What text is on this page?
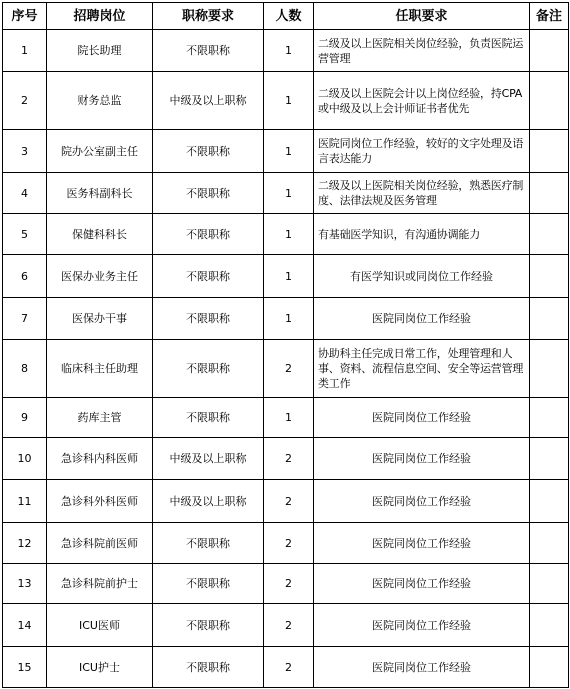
序号	招聘岗位	职称要求	人数	任职要求	备注
1	院长助理	不限职称	1	二级及以上医院相关岗位经验，负责医院运营管理	
2	财务总监	中级及以上职称	1	二级及以上医院会计以上岗位经验，持CPA或中级及以上会计师证书者优先	
3	院办公室副主任	不限职称	1	医院同岗位工作经验，较好的文字处理及语言表达能力	
4	医务科副科长	不限职称	1	二级及以上医院相关岗位经验，熟悉医疗制度、法律法规及医务管理	
5	保健科科长	不限职称	1	有基础医学知识，有沟通协调能力	
6	医保办业务主任	不限职称	1	有医学知识或同岗位工作经验	
7	医保办干事	不限职称	1	医院同岗位工作经验	
8	临床科主任助理	不限职称	2	协助科主任完成日常工作，处理管理和人事、资料、流程信息空间、安全等运营管理类工作	
9	药库主管	不限职称	1	医院同岗位工作经验	
10	急诊科内科医师	中级及以上职称	2	医院同岗位工作经验	
11	急诊科外科医师	中级及以上职称	2	医院同岗位工作经验	
12	急诊科院前医师	不限职称	2	医院同岗位工作经验	
13	急诊科院前护士	不限职称	2	医院同岗位工作经验	
14	ICU医师	不限职称	2	医院同岗位工作经验	
15	ICU护士	不限职称	2	医院同岗位工作经验	
